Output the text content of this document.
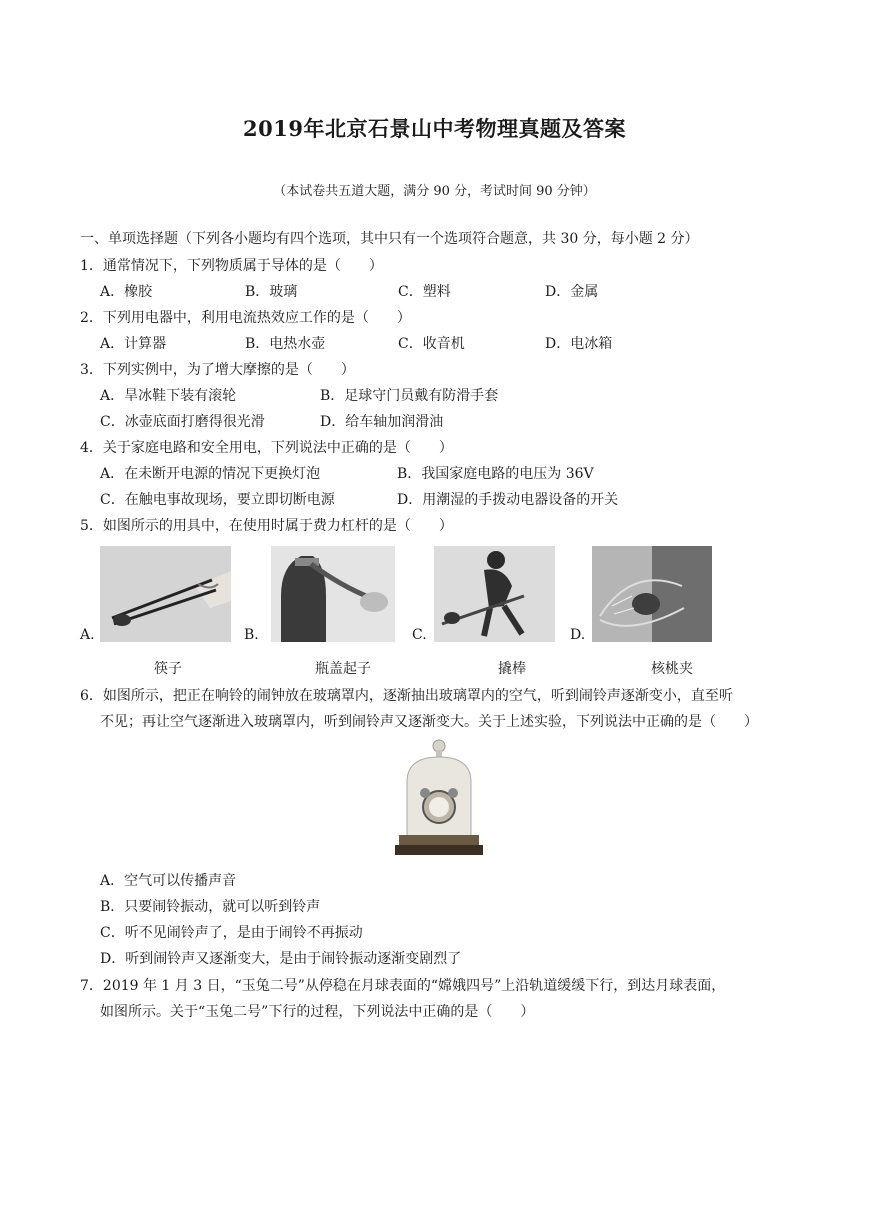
2019年北京石景山中考物理真题及答案
（本试卷共五道大题，满分 90 分，考试时间 90 分钟）
一、单项选择题（下列各小题均有四个选项，其中只有一个选项符合题意，共 30 分，每小题 2 分）
1．通常情况下，下列物质属于导体的是（　　）
A．橡胶	B．玻璃	C．塑料	D．金属
2．下列用电器中，利用电流热效应工作的是（　　）
A．计算器	B．电热水壶	C．收音机	D．电冰箱
3．下列实例中，为了增大摩擦的是（　　）
A．旱冰鞋下装有滚轮	B．足球守门员戴有防滑手套
C．冰壶底面打磨得很光滑	D．给车轴加润滑油
4．关于家庭电路和安全用电，下列说法中正确的是（　　）
A．在未断开电源的情况下更换灯泡	B．我国家庭电路的电压为 36V
C．在触电事故现场，要立即切断电源	D．用潮湿的手拨动电器设备的开关
5．如图所示的用具中，在使用时属于费力杠杆的是（　　）
A.
筷子
B.
瓶盖起子
C.
撬棒
D.
核桃夹
6．如图所示，把正在响铃的闹钟放在玻璃罩内，逐渐抽出玻璃罩内的空气，听到闹铃声逐渐变小，直至听
不见；再让空气逐渐进入玻璃罩内，听到闹铃声又逐渐变大。关于上述实验，下列说法中正确的是（　　）
A．空气可以传播声音
B．只要闹铃振动，就可以听到铃声
C．听不见闹铃声了，是由于闹铃不再振动
D．听到闹铃声又逐渐变大，是由于闹铃振动逐渐变剧烈了
7．2019 年 1 月 3 日，“玉兔二号”从停稳在月球表面的“嫦娥四号”上沿轨道缓缓下行，到达月球表面，
如图所示。关于“玉兔二号”下行的过程，下列说法中正确的是（　　）
